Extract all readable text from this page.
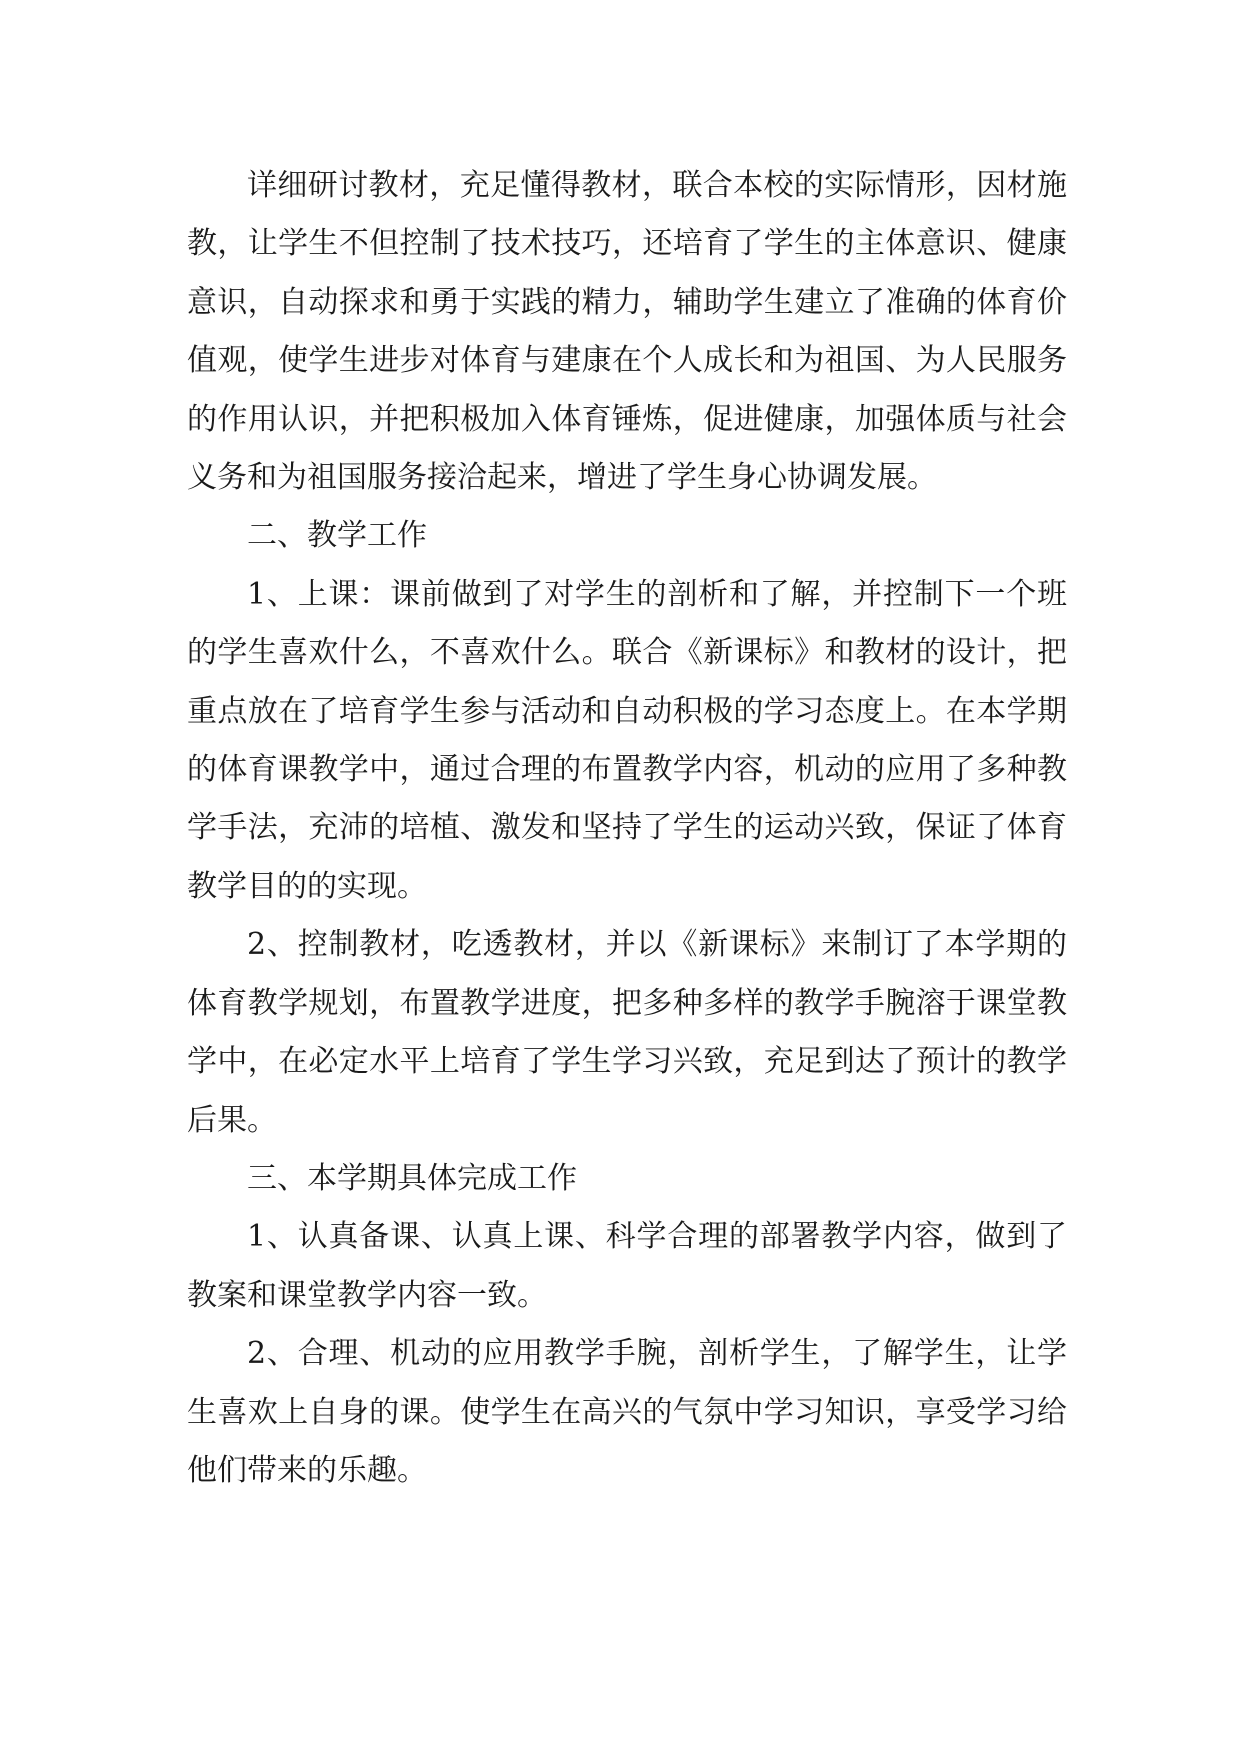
详细研讨教材，充足懂得教材，联合本校的实际情形，因材施教，让学生不但控制了技术技巧，还培育了学生的主体意识、健康意识，自动探求和勇于实践的精力，辅助学生建立了准确的体育价值观，使学生进步对体育与建康在个人成长和为祖国、为人民服务的作用认识，并把积极加入体育锤炼，促进健康，加强体质与社会义务和为祖国服务接洽起来，增进了学生身心协调发展。

二、教学工作

1、上课：课前做到了对学生的剖析和了解，并控制下一个班的学生喜欢什么，不喜欢什么。联合《新课标》和教材的设计，把重点放在了培育学生参与活动和自动积极的学习态度上。在本学期的体育课教学中，通过合理的布置教学内容，机动的应用了多种教学手法，充沛的培植、激发和坚持了学生的运动兴致，保证了体育教学目的的实现。

2、控制教材，吃透教材，并以《新课标》来制订了本学期的体育教学规划，布置教学进度，把多种多样的教学手腕溶于课堂教学中，在必定水平上培育了学生学习兴致，充足到达了预计的教学后果。

三、本学期具体完成工作

1、认真备课、认真上课、科学合理的部署教学内容，做到了教案和课堂教学内容一致。

2、合理、机动的应用教学手腕，剖析学生，了解学生，让学生喜欢上自身的课。使学生在高兴的气氛中学习知识，享受学习给他们带来的乐趣。
